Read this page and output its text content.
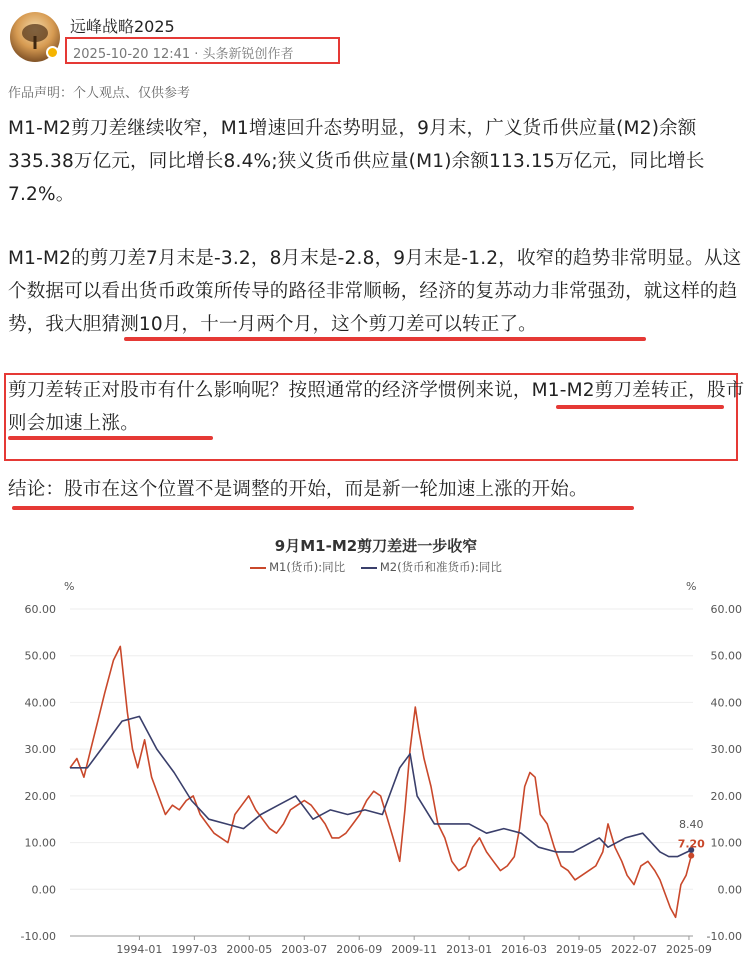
远峰战略2025
2025-10-20 12:41 · 头条新锐创作者
作品声明：个人观点、仅供参考
M1-M2剪刀差继续收窄，M1增速回升态势明显，9月末，广义货币供应量(M2)余额335.38万亿元，同比增长8.4%;狭义货币供应量(M1)余额113.15万亿元，同比增长7.2%。
M1-M2的剪刀差7月末是-3.2，8月末是-2.8，9月末是-1.2，收窄的趋势非常明显。从这个数据可以看出货币政策所传导的路径非常顺畅，经济的复苏动力非常强劲，就这样的趋势，我大胆猜测10月，十一月两个月，这个剪刀差可以转正了。
剪刀差转正对股市有什么影响呢？按照通常的经济学惯例来说，M1-M2剪刀差转正，股市则会加速上涨。
结论：股市在这个位置不是调整的开始，而是新一轮加速上涨的开始。
9月M1-M2剪刀差进一步收窄
M1(货币):同比	M2(货币和准货币):同比
%	%
60.00	60.00
50.00	50.00
40.00	40.00
30.00	30.00
20.00	20.00
10.00	10.00
0.00	0.00
-10.00	-10.00
1994-01 1997-03 2000-05 2003-07 2006-09 2009-11 2013-01 2016-03 2019-05 2022-07 2025-09
8.40
7.20
